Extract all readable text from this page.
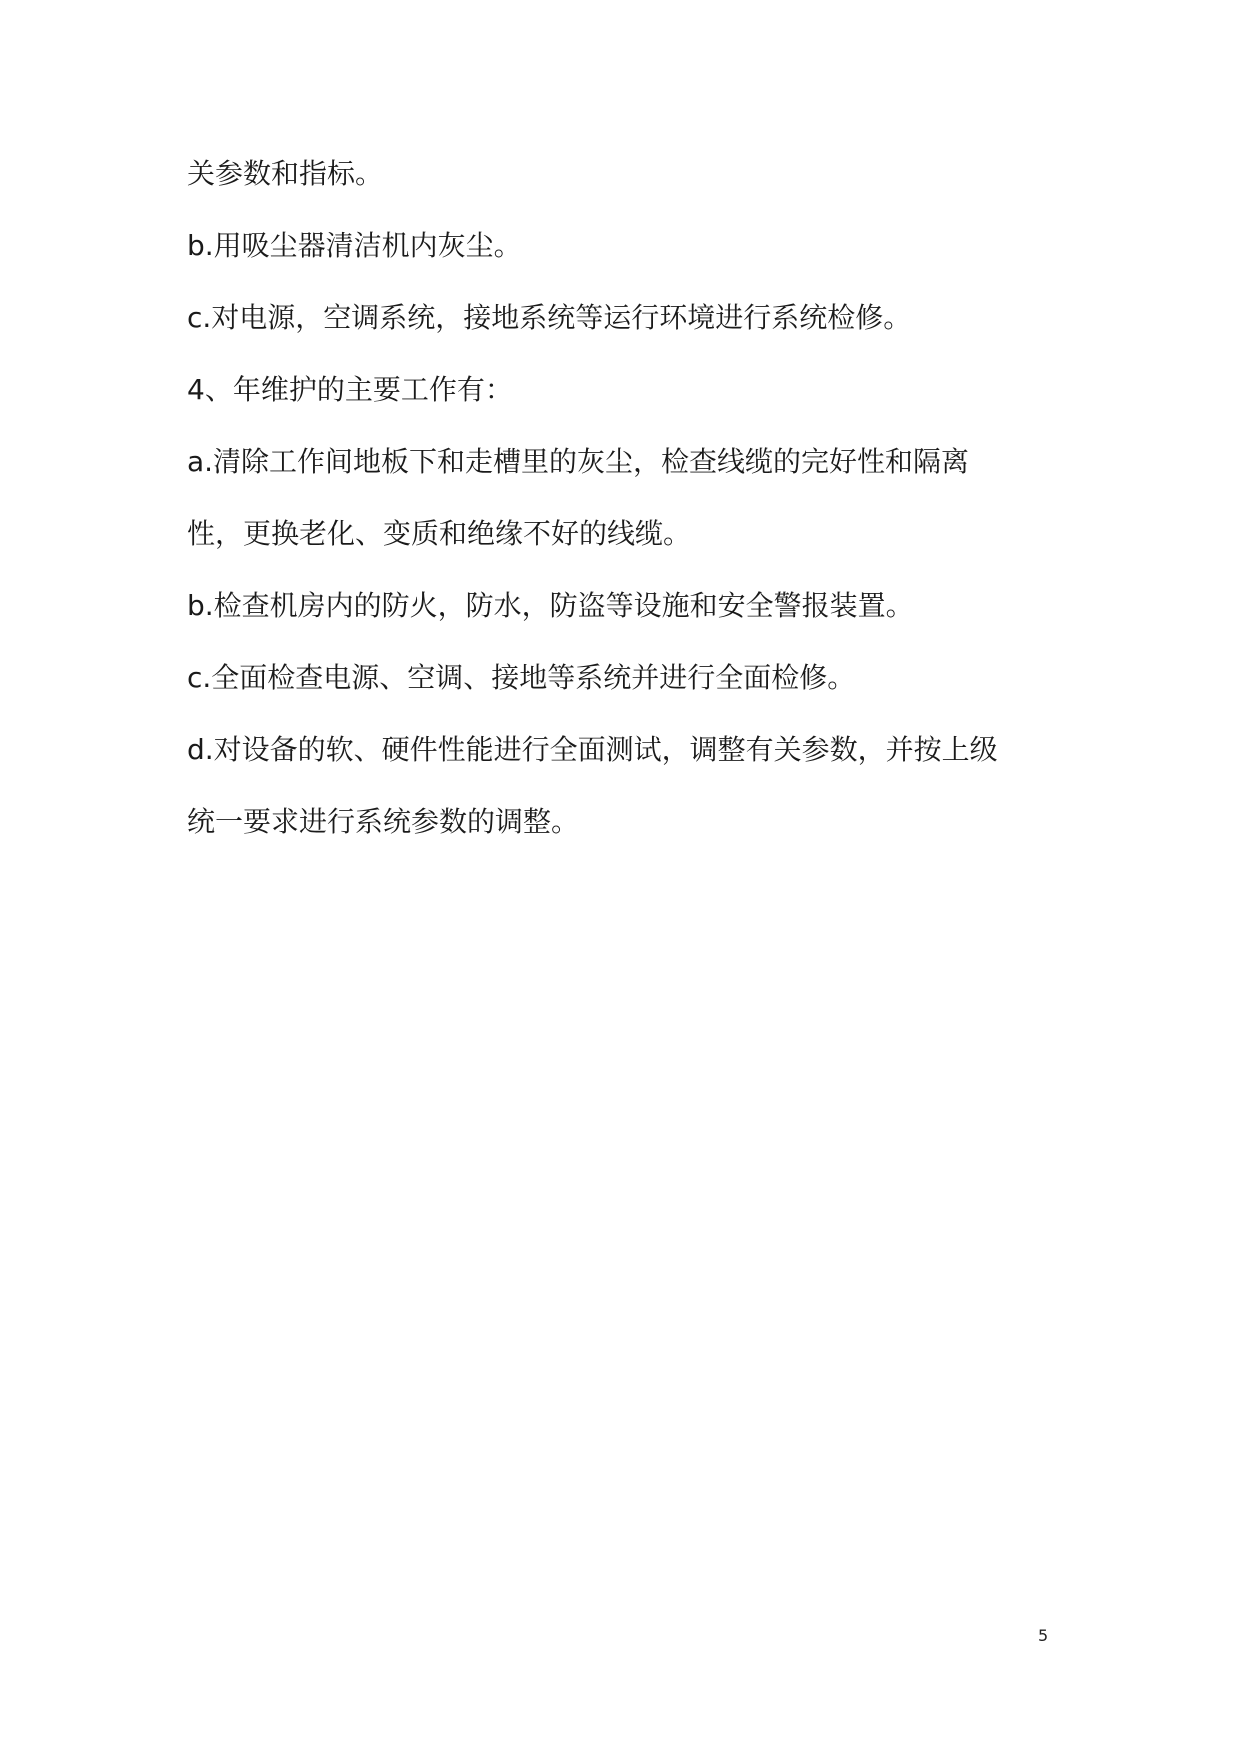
关参数和指标。
b.用吸尘器清洁机内灰尘。
c.对电源，空调系统，接地系统等运行环境进行系统检修。
4、年维护的主要工作有：
a.清除工作间地板下和走槽里的灰尘，检查线缆的完好性和隔离
性，更换老化、变质和绝缘不好的线缆。
b.检查机房内的防火，防水，防盗等设施和安全警报装置。
c.全面检查电源、空调、接地等系统并进行全面检修。
d.对设备的软、硬件性能进行全面测试，调整有关参数，并按上级
统一要求进行系统参数的调整。
5
